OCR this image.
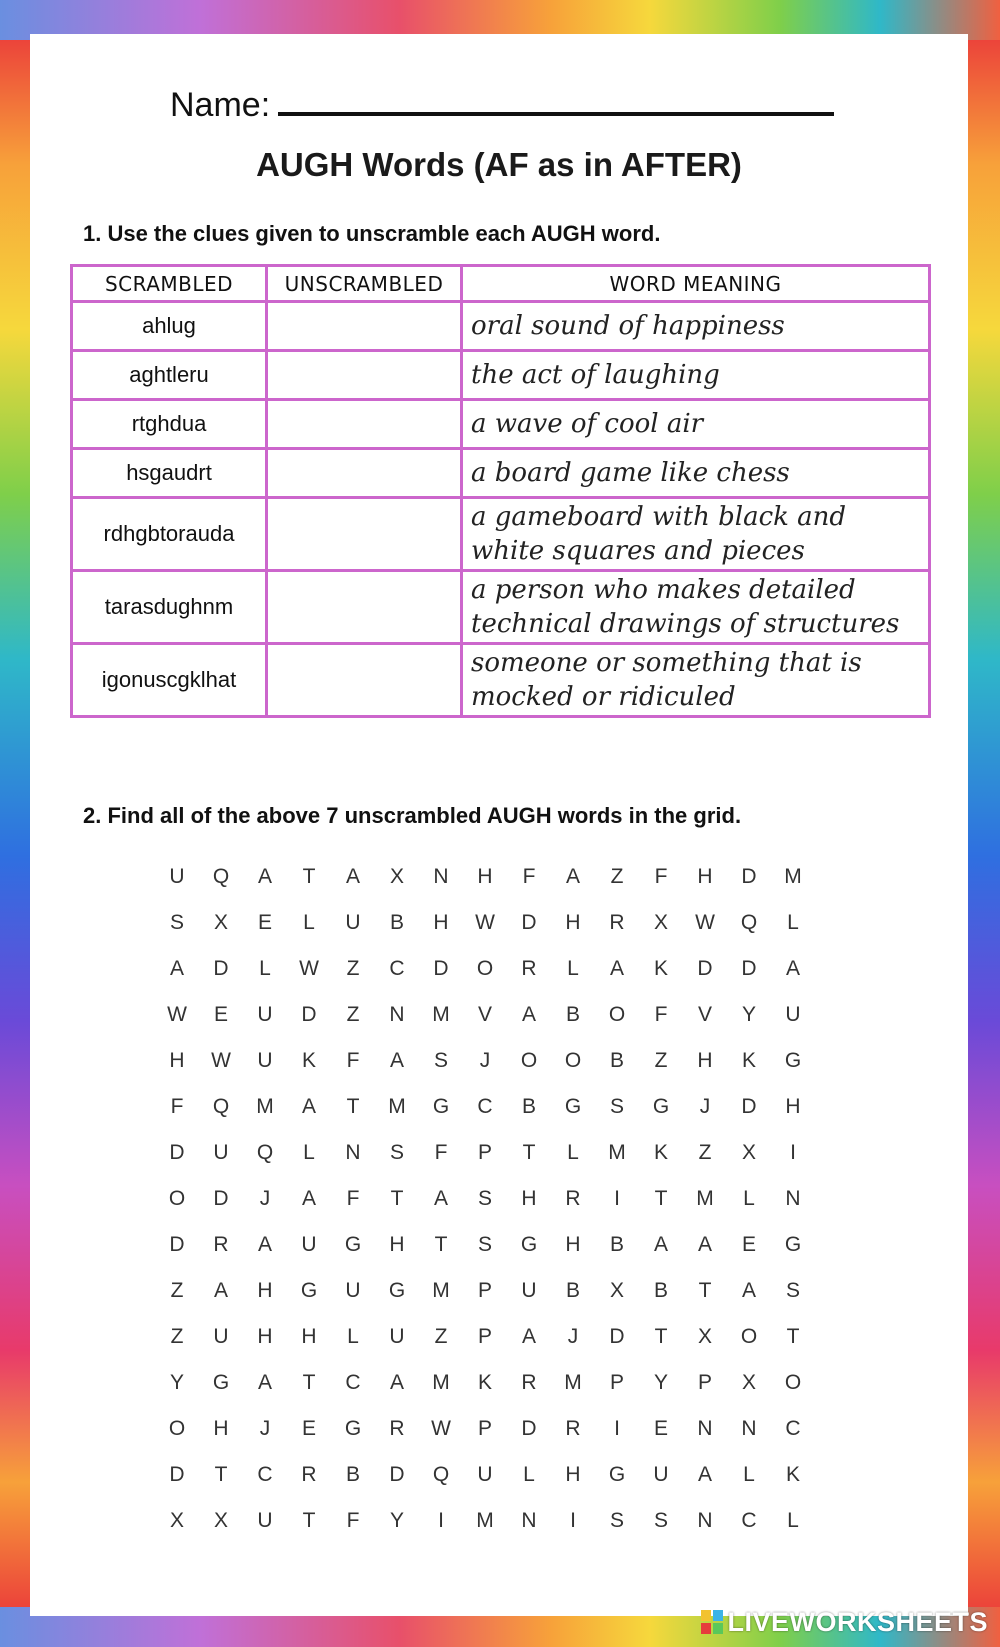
Name:
AUGH Words (AF as in AFTER)
1. Use the clues given to unscramble each AUGH word.
SCRAMBLED	UNSCRAMBLED	WORD MEANING
ahlug		oral sound of happiness

aghtleru		the act of laughing

rtghdua		a wave of cool air

hsgaudrt		a board game like chess

rdhgbtorauda		a gameboard with black and
white squares and pieces

tarasdughnm		a person who makes detailed
technical drawings of structures

igonuscgklhat		someone or something that is
mocked or ridiculed
2. Find all of the above 7 unscrambled AUGH words in the grid.
U	Q	A	T	A	X	N	H	F	A	Z	F	H	D	M
S	X	E	L	U	B	H	W	D	H	R	X	W	Q	L
A	D	L	W	Z	C	D	O	R	L	A	K	D	D	A
W	E	U	D	Z	N	M	V	A	B	O	F	V	Y	U
H	W	U	K	F	A	S	J	O	O	B	Z	H	K	G
F	Q	M	A	T	M	G	C	B	G	S	G	J	D	H
D	U	Q	L	N	S	F	P	T	L	M	K	Z	X	I
O	D	J	A	F	T	A	S	H	R	I	T	M	L	N
D	R	A	U	G	H	T	S	G	H	B	A	A	E	G
Z	A	H	G	U	G	M	P	U	B	X	B	T	A	S
Z	U	H	H	L	U	Z	P	A	J	D	T	X	O	T
Y	G	A	T	C	A	M	K	R	M	P	Y	P	X	O
O	H	J	E	G	R	W	P	D	R	I	E	N	N	C
D	T	C	R	B	D	Q	U	L	H	G	U	A	L	K
X	X	U	T	F	Y	I	M	N	I	S	S	N	C	L
LIVEWORKSHEETS
